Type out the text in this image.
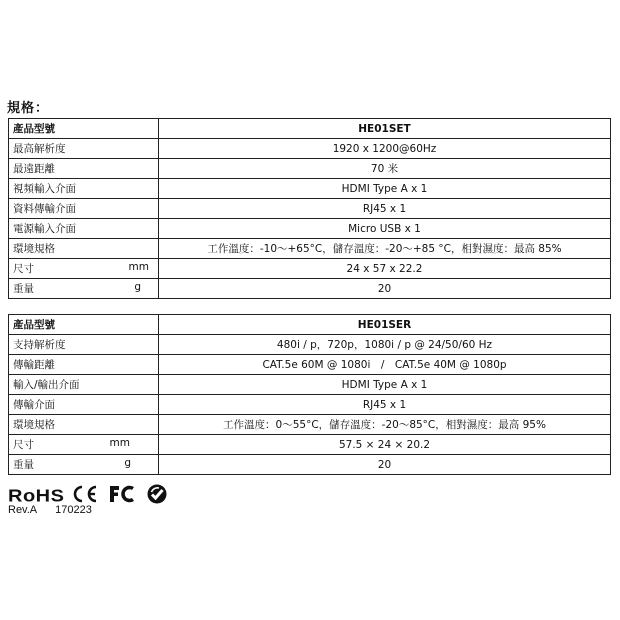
規格：
產品型號	HE01SET
最高解析度	1920 x 1200@60Hz
最遠距離	70 米
視頻輸入介面	HDMI Type A x 1
資料傳輸介面	RJ45 x 1
電源輸入介面	Micro USB x 1
環境規格	工作溫度：-10～+65°C，儲存溫度：-20～+85 °C，相對濕度：最高 85%
尺寸 mm	24 x 57 x 22.2
重量 g	20
產品型號	HE01SER
支持解析度	480i / p，720p，1080i / p @ 24/50/60 Hz
傳輸距離	CAT.5e 60M @ 1080i　/　CAT.5e 40M @ 1080p
輸入/輸出介面	HDMI Type A x 1
傳輸介面	RJ45 x 1
環境規格	工作溫度：0～55°C，儲存溫度：-20～85°C，相對濕度：最高 95%
尺寸 mm	57.5 × 24 × 20.2
重量 g	20
RoHS
Rev.A 170223
